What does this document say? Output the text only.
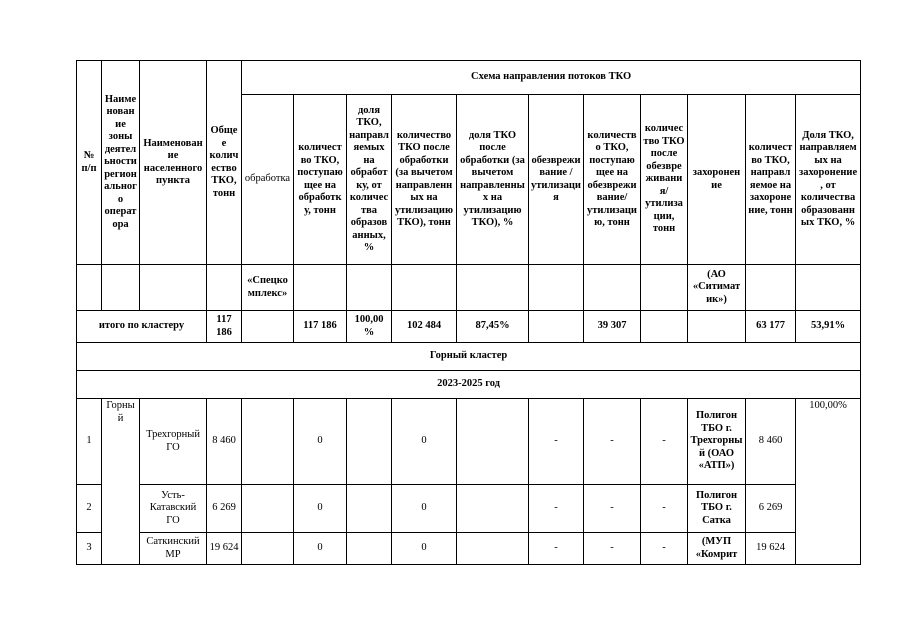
№ п/п	Наименование зоны деятельности регионального оператора	Наименование населенного пункта	Общее количество ТКО, тонн	Схема направления потоков ТКО										
				обработка	количество ТКО, поступающее на обработку, тонн	доля ТКО, направляемых на обработку, от количества образованных, %	количество ТКО после обработки (за вычетом направленных на утилизацию ТКО), тонн	доля ТКО после обработки (за вычетом направленных на утилизацию ТКО), %	обезвреживание / утилизация	количество ТКО, поступающее на обезвреживание/утилизацию, тонн	количество ТКО после обезвреживания/утилизации, тонн	захоронение	количество ТКО, направляемое на захоронение, тонн	Доля ТКО, направляемых на захоронение, от количества образованных ТКО, %
				«Спецкомплекс»								(АО «Ситиматик»)		
итого по кластеру			117 186		117 186	100,00 %	102 484	87,45%		39 307			63 177	53,91%
Горный кластер														
2023-2025 год														
1	Горный	Трехгорный ГО	8 460		0		0		-	-	-	Полигон ТБО г. Трехгорный (ОАО «АТП»)	8 460	100,00%
2		Усть-Катавский ГО	6 269		0		0		-	-	-	Полигон ТБО г. Сатка	6 269	
3		Саткинский МР	19 624		0		0		-	-	-	(МУП «Комрит	19 624	
